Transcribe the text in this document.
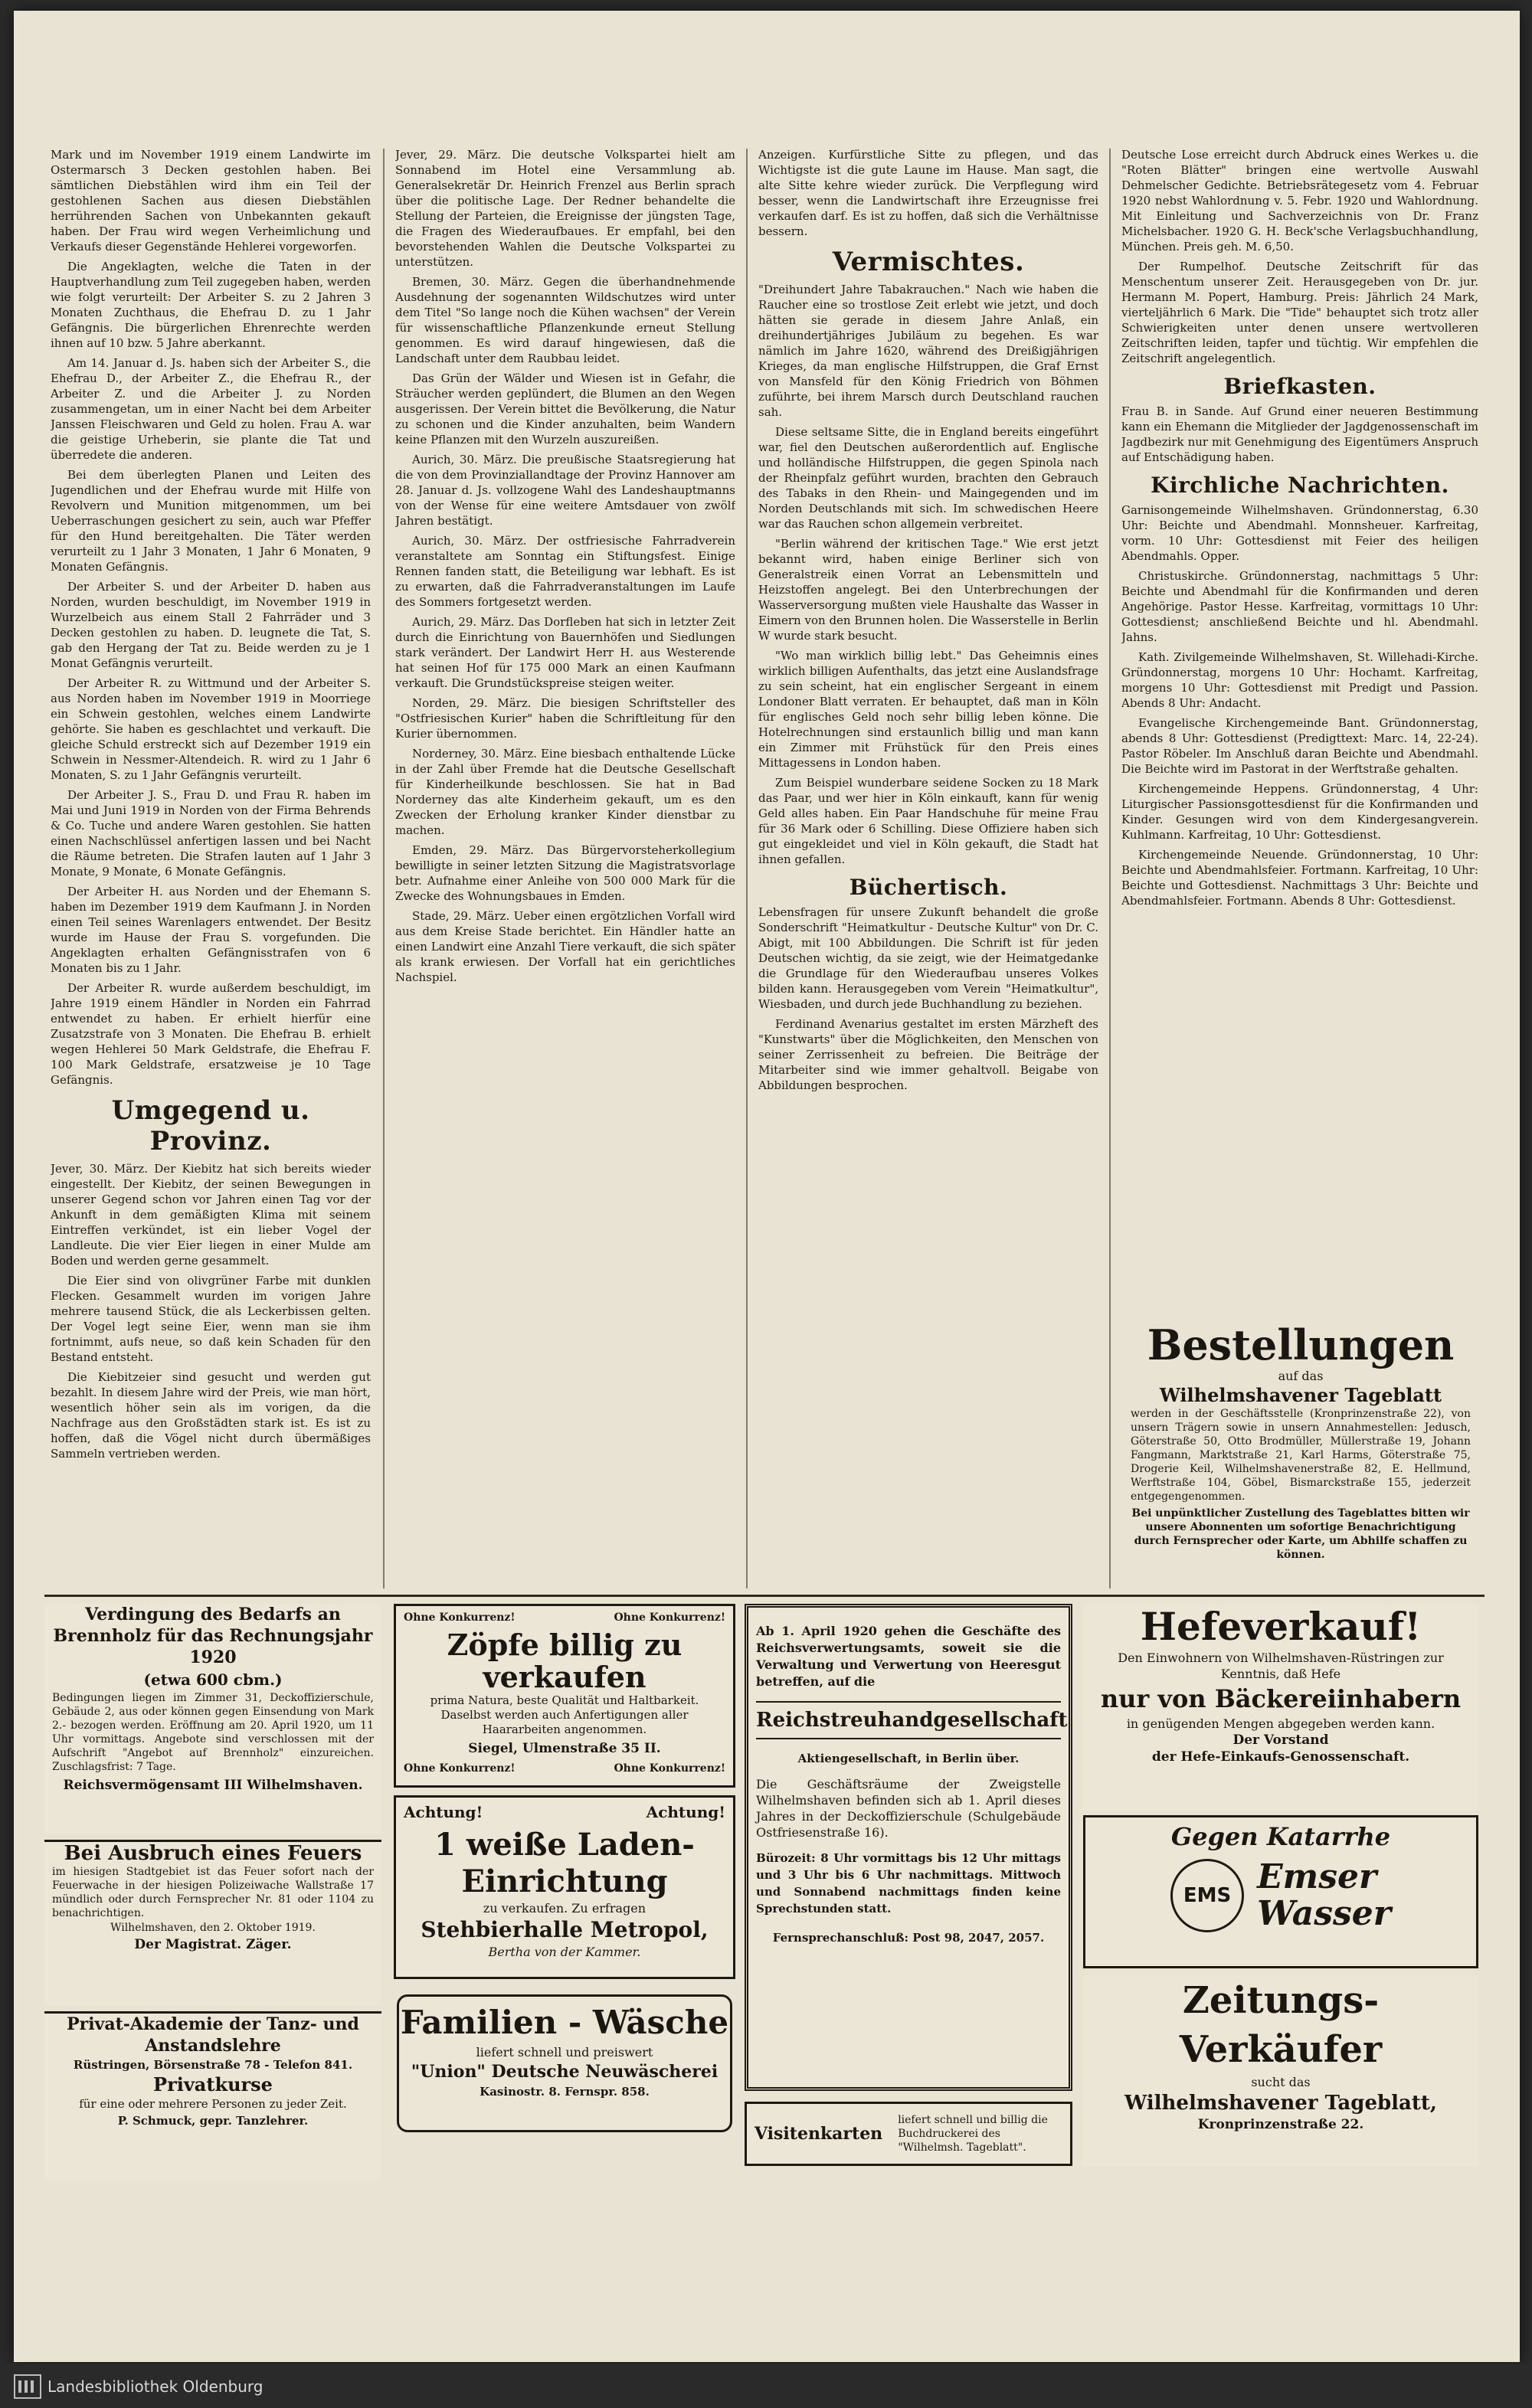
Mark und im November 1919 einem Landwirte im Ostermarsch 3 Decken gestohlen haben. Bei sämtlichen Diebstählen wird ihm ein Teil der gestohlenen Sachen aus diesen Diebstählen herrührenden Sachen von Unbekannten gekauft haben. Der Frau wird wegen Verheimlichung und Verkaufs dieser Gegenstände Hehlerei vorgeworfen.

Die Angeklagten, welche die Taten in der Hauptverhandlung zum Teil zugegeben haben, werden wie folgt verurteilt: Der Arbeiter S. zu 2 Jahren 3 Monaten Zuchthaus, die Ehefrau D. zu 1 Jahr Gefängnis. Die bürgerlichen Ehrenrechte werden ihnen auf 10 bzw. 5 Jahre aberkannt.

Am 14. Januar d. Js. haben sich der Arbeiter S., die Ehefrau D., der Arbeiter Z., die Ehefrau R., der Arbeiter Z. und die Arbeiter J. zu Norden zusammengetan, um in einer Nacht bei dem Arbeiter Janssen Fleischwaren und Geld zu holen. Frau A. war die geistige Urheberin, sie plante die Tat und überredete die anderen.

Bei dem überlegten Planen und Leiten des Jugendlichen und der Ehefrau wurde mit Hilfe von Revolvern und Munition mitgenommen, um bei Ueberraschungen gesichert zu sein, auch war Pfeffer für den Hund bereitgehalten. Die Täter werden verurteilt zu 1 Jahr 3 Monaten, 1 Jahr 6 Monaten, 9 Monaten Gefängnis.

Der Arbeiter S. und der Arbeiter D. haben aus Norden, wurden beschuldigt, im November 1919 in Wurzelbeich aus einem Stall 2 Fahrräder und 3 Decken gestohlen zu haben. D. leugnete die Tat, S. gab den Hergang der Tat zu. Beide werden zu je 1 Monat Gefängnis verurteilt.

Der Arbeiter R. zu Wittmund und der Arbeiter S. aus Norden haben im November 1919 in Moorriege ein Schwein gestohlen, welches einem Landwirte gehörte. Sie haben es geschlachtet und verkauft. Die gleiche Schuld erstreckt sich auf Dezember 1919 ein Schwein in Nessmer-Altendeich. R. wird zu 1 Jahr 6 Monaten, S. zu 1 Jahr Gefängnis verurteilt.

Der Arbeiter J. S., Frau D. und Frau R. haben im Mai und Juni 1919 in Norden von der Firma Behrends & Co. Tuche und andere Waren gestohlen. Sie hatten einen Nachschlüssel anfertigen lassen und bei Nacht die Räume betreten. Die Strafen lauten auf 1 Jahr 3 Monate, 9 Monate, 6 Monate Gefängnis.

Der Arbeiter H. aus Norden und der Ehemann S. haben im Dezember 1919 dem Kaufmann J. in Norden einen Teil seines Warenlagers entwendet. Der Besitz wurde im Hause der Frau S. vorgefunden. Die Angeklagten erhalten Gefängnisstrafen von 6 Monaten bis zu 1 Jahr.

Der Arbeiter R. wurde außerdem beschuldigt, im Jahre 1919 einem Händler in Norden ein Fahrrad entwendet zu haben. Er erhielt hierfür eine Zusatzstrafe von 3 Monaten. Die Ehefrau B. erhielt wegen Hehlerei 50 Mark Geldstrafe, die Ehefrau F. 100 Mark Geldstrafe, ersatzweise je 10 Tage Gefängnis.

Umgegend u. Provinz.

Jever, 30. März. Der Kiebitz hat sich bereits wieder eingestellt. Der Kiebitz, der seinen Bewegungen in unserer Gegend schon vor Jahren einen Tag vor der Ankunft in dem gemäßigten Klima mit seinem Eintreffen verkündet, ist ein lieber Vogel der Landleute. Die vier Eier liegen in einer Mulde am Boden und werden gerne gesammelt.

Die Eier sind von olivgrüner Farbe mit dunklen Flecken. Gesammelt wurden im vorigen Jahre mehrere tausend Stück, die als Leckerbissen gelten. Der Vogel legt seine Eier, wenn man sie ihm fortnimmt, aufs neue, so daß kein Schaden für den Bestand entsteht.

Die Kiebitzeier sind gesucht und werden gut bezahlt. In diesem Jahre wird der Preis, wie man hört, wesentlich höher sein als im vorigen, da die Nachfrage aus den Großstädten stark ist. Es ist zu hoffen, daß die Vögel nicht durch übermäßiges Sammeln vertrieben werden.

Jever, 29. März. Die deutsche Volkspartei hielt am Sonnabend im Hotel eine Versammlung ab. Generalsekretär Dr. Heinrich Frenzel aus Berlin sprach über die politische Lage. Der Redner behandelte die Stellung der Parteien, die Ereignisse der jüngsten Tage, die Fragen des Wiederaufbaues. Er empfahl, bei den bevorstehenden Wahlen die Deutsche Volkspartei zu unterstützen.

Bremen, 30. März. Gegen die überhandnehmende Ausdehnung der sogenannten Wildschutzes wird unter dem Titel "So lange noch die Kühen wachsen" der Verein für wissenschaftliche Pflanzenkunde erneut Stellung genommen. Es wird darauf hingewiesen, daß die Landschaft unter dem Raubbau leidet.

Das Grün der Wälder und Wiesen ist in Gefahr, die Sträucher werden geplündert, die Blumen an den Wegen ausgerissen. Der Verein bittet die Bevölkerung, die Natur zu schonen und die Kinder anzuhalten, beim Wandern keine Pflanzen mit den Wurzeln auszureißen.

Aurich, 30. März. Die preußische Staatsregierung hat die von dem Provinziallandtage der Provinz Hannover am 28. Januar d. Js. vollzogene Wahl des Landeshauptmanns von der Wense für eine weitere Amtsdauer von zwölf Jahren bestätigt.

Aurich, 30. März. Der ostfriesische Fahrradverein veranstaltete am Sonntag ein Stiftungsfest. Einige Rennen fanden statt, die Beteiligung war lebhaft. Es ist zu erwarten, daß die Fahrradveranstaltungen im Laufe des Sommers fortgesetzt werden.

Aurich, 29. März. Das Dorfleben hat sich in letzter Zeit durch die Einrichtung von Bauernhöfen und Siedlungen stark verändert. Der Landwirt Herr H. aus Westerende hat seinen Hof für 175 000 Mark an einen Kaufmann verkauft. Die Grundstückspreise steigen weiter.

Norden, 29. März. Die biesigen Schriftsteller des "Ostfriesischen Kurier" haben die Schriftleitung für den Kurier übernommen.

Norderney, 30. März. Eine biesbach enthaltende Lücke in der Zahl über Fremde hat die Deutsche Gesellschaft für Kinderheilkunde beschlossen. Sie hat in Bad Norderney das alte Kinderheim gekauft, um es den Zwecken der Erholung kranker Kinder dienstbar zu machen.

Emden, 29. März. Das Bürgervorsteherkollegium bewilligte in seiner letzten Sitzung die Magistratsvorlage betr. Aufnahme einer Anleihe von 500 000 Mark für die Zwecke des Wohnungsbaues in Emden.

Stade, 29. März. Ueber einen ergötzlichen Vorfall wird aus dem Kreise Stade berichtet. Ein Händler hatte an einen Landwirt eine Anzahl Tiere verkauft, die sich später als krank erwiesen. Der Vorfall hat ein gerichtliches Nachspiel.

Anzeigen. Kurfürstliche Sitte zu pflegen, und das Wichtigste ist die gute Laune im Hause. Man sagt, die alte Sitte kehre wieder zurück. Die Verpflegung wird besser, wenn die Landwirtschaft ihre Erzeugnisse frei verkaufen darf. Es ist zu hoffen, daß sich die Verhältnisse bessern.

Vermischtes.

"Dreihundert Jahre Tabakrauchen." Nach wie haben die Raucher eine so trostlose Zeit erlebt wie jetzt, und doch hätten sie gerade in diesem Jahre Anlaß, ein dreihundertjähriges Jubiläum zu begehen. Es war nämlich im Jahre 1620, während des Dreißigjährigen Krieges, da man englische Hilfstruppen, die Graf Ernst von Mansfeld für den König Friedrich von Böhmen zuführte, bei ihrem Marsch durch Deutschland rauchen sah.

Diese seltsame Sitte, die in England bereits eingeführt war, fiel den Deutschen außerordentlich auf. Englische und holländische Hilfstruppen, die gegen Spinola nach der Rheinpfalz geführt wurden, brachten den Gebrauch des Tabaks in den Rhein- und Maingegenden und im Norden Deutschlands mit sich. Im schwedischen Heere war das Rauchen schon allgemein verbreitet.

"Berlin während der kritischen Tage." Wie erst jetzt bekannt wird, haben einige Berliner sich von Generalstreik einen Vorrat an Lebensmitteln und Heizstoffen angelegt. Bei den Unterbrechungen der Wasserversorgung mußten viele Haushalte das Wasser in Eimern von den Brunnen holen. Die Wasserstelle in Berlin W wurde stark besucht.

"Wo man wirklich billig lebt." Das Geheimnis eines wirklich billigen Aufenthalts, das jetzt eine Auslandsfrage zu sein scheint, hat ein englischer Sergeant in einem Londoner Blatt verraten. Er behauptet, daß man in Köln für englisches Geld noch sehr billig leben könne. Die Hotelrechnungen sind erstaunlich billig und man kann ein Zimmer mit Frühstück für den Preis eines Mittagessens in London haben.

Zum Beispiel wunderbare seidene Socken zu 18 Mark das Paar, und wer hier in Köln einkauft, kann für wenig Geld alles haben. Ein Paar Handschuhe für meine Frau für 36 Mark oder 6 Schilling. Diese Offiziere haben sich gut eingekleidet und viel in Köln gekauft, die Stadt hat ihnen gefallen.

Büchertisch.

Lebensfragen für unsere Zukunft behandelt die große Sonderschrift "Heimatkultur - Deutsche Kultur" von Dr. C. Abigt, mit 100 Abbildungen. Die Schrift ist für jeden Deutschen wichtig, da sie zeigt, wie der Heimatgedanke die Grundlage für den Wiederaufbau unseres Volkes bilden kann. Herausgegeben vom Verein "Heimatkultur", Wiesbaden, und durch jede Buchhandlung zu beziehen.

Ferdinand Avenarius gestaltet im ersten Märzheft des "Kunstwarts" über die Möglichkeiten, den Menschen von seiner Zerrissenheit zu befreien. Die Beiträge der Mitarbeiter sind wie immer gehaltvoll. Beigabe von Abbildungen besprochen.

Deutsche Lose erreicht durch Abdruck eines Werkes u. die "Roten Blätter" bringen eine wertvolle Auswahl Dehmelscher Gedichte. Betriebsrätegesetz vom 4. Februar 1920 nebst Wahlordnung v. 5. Febr. 1920 und Wahlordnung. Mit Einleitung und Sachverzeichnis von Dr. Franz Michelsbacher. 1920 G. H. Beck'sche Verlagsbuchhandlung, München. Preis geh. M. 6,50.

Der Rumpelhof. Deutsche Zeitschrift für das Menschentum unserer Zeit. Herausgegeben von Dr. jur. Hermann M. Popert, Hamburg. Preis: Jährlich 24 Mark, vierteljährlich 6 Mark. Die "Tide" behauptet sich trotz aller Schwierigkeiten unter denen unsere wertvolleren Zeitschriften leiden, tapfer und tüchtig. Wir empfehlen die Zeitschrift angelegentlich.

Briefkasten.

Frau B. in Sande. Auf Grund einer neueren Bestimmung kann ein Ehemann die Mitglieder der Jagdgenossenschaft im Jagdbezirk nur mit Genehmigung des Eigentümers Anspruch auf Entschädigung haben.

Kirchliche Nachrichten.

Garnisongemeinde Wilhelmshaven. Gründonnerstag, 6.30 Uhr: Beichte und Abendmahl. Monnsheuer. Karfreitag, vorm. 10 Uhr: Gottesdienst mit Feier des heiligen Abendmahls. Opper.

Christuskirche. Gründonnerstag, nachmittags 5 Uhr: Beichte und Abendmahl für die Konfirmanden und deren Angehörige. Pastor Hesse. Karfreitag, vormittags 10 Uhr: Gottesdienst; anschließend Beichte und hl. Abendmahl. Jahns.

Kath. Zivilgemeinde Wilhelmshaven, St. Willehadi-Kirche. Gründonnerstag, morgens 10 Uhr: Hochamt. Karfreitag, morgens 10 Uhr: Gottesdienst mit Predigt und Passion. Abends 8 Uhr: Andacht.

Evangelische Kirchengemeinde Bant. Gründonnerstag, abends 8 Uhr: Gottesdienst (Predigttext: Marc. 14, 22-24). Pastor Röbeler. Im Anschluß daran Beichte und Abendmahl. Die Beichte wird im Pastorat in der Werftstraße gehalten.

Kirchengemeinde Heppens. Gründonnerstag, 4 Uhr: Liturgischer Passionsgottesdienst für die Konfirmanden und Kinder. Gesungen wird von dem Kindergesangverein. Kuhlmann. Karfreitag, 10 Uhr: Gottesdienst.

Kirchengemeinde Neuende. Gründonnerstag, 10 Uhr: Beichte und Abendmahlsfeier. Fortmann. Karfreitag, 10 Uhr: Beichte und Gottesdienst. Nachmittags 3 Uhr: Beichte und Abendmahlsfeier. Fortmann. Abends 8 Uhr: Gottesdienst.

Bestellungen
auf das
Wilhelmshavener Tageblatt
werden in der Geschäftsstelle (Kronprinzenstraße 22), von unsern Trägern sowie in unsern Annahmestellen: Jedusch, Göterstraße 50, Otto Brodmüller, Müllerstraße 19, Johann Fangmann, Marktstraße 21, Karl Harms, Göterstraße 75, Drogerie Keil, Wilhelmshavenerstraße 82, E. Hellmund, Werftstraße 104, Göbel, Bismarckstraße 155, jederzeit entgegengenommen.
Bei unpünktlicher Zustellung des Tageblattes bitten wir unsere Abonnenten um sofortige Benachrichtigung durch Fernsprecher oder Karte, um Abhilfe schaffen zu können.
Verdingung des Bedarfs an Brennholz für das Rechnungsjahr 1920
(etwa 600 cbm.)
Bedingungen liegen im Zimmer 31, Deckoffizierschule, Gebäude 2, aus oder können gegen Einsendung von Mark 2.- bezogen werden. Eröffnung am 20. April 1920, um 11 Uhr vormittags. Angebote sind verschlossen mit der Aufschrift "Angebot auf Brennholz" einzureichen. Zuschlagsfrist: 7 Tage.
Reichsvermögensamt III Wilhelmshaven.
Bei Ausbruch eines Feuers
im hiesigen Stadtgebiet ist das Feuer sofort nach der Feuerwache in der hiesigen Polizeiwache Wallstraße 17 mündlich oder durch Fernsprecher Nr. 81 oder 1104 zu benachrichtigen.
Wilhelmshaven, den 2. Oktober 1919.
Der Magistrat. Zäger.
Privat-Akademie der Tanz- und Anstandslehre
Rüstringen, Börsenstraße 78 - Telefon 841.
Privatkurse
für eine oder mehrere Personen zu jeder Zeit.
P. Schmuck, gepr. Tanzlehrer.
Ohne Konkurrenz!	Ohne Konkurrenz!
Zöpfe billig zu verkaufen
prima Natura, beste Qualität und Haltbarkeit. Daselbst werden auch Anfertigungen aller Haararbeiten angenommen.
Siegel, Ulmenstraße 35 II.
Ohne Konkurrenz!	Ohne Konkurrenz!
Achtung!	Achtung!
1 weiße Laden-Einrichtung
zu verkaufen. Zu erfragen
Stehbierhalle Metropol,
Bertha von der Kammer.
Familien - Wäsche
liefert schnell und preiswert
"Union" Deutsche Neuwäscherei
Kasinostr. 8. Fernspr. 858.
Ab 1. April 1920 gehen die Geschäfte des Reichsverwertungsamts, soweit sie die Verwaltung und Verwertung von Heeresgut betreffen, auf die
Reichstreuhandgesellschaft
Aktiengesellschaft, in Berlin über.
Die Geschäftsräume der Zweigstelle Wilhelmshaven befinden sich ab 1. April dieses Jahres in der Deckoffizierschule (Schulgebäude Ostfriesenstraße 16).
Bürozeit: 8 Uhr vormittags bis 12 Uhr mittags und 3 Uhr bis 6 Uhr nachmittags. Mittwoch und Sonnabend nachmittags finden keine Sprechstunden statt.
Fernsprechanschluß: Post 98, 2047, 2057.
Visitenkarten
liefert schnell und billig die Buchdruckerei des "Wilhelmsh. Tageblatt".
Hefeverkauf!
Den Einwohnern von Wilhelmshaven-Rüstringen zur Kenntnis, daß Hefe
nur von Bäckereiinhabern
in genügenden Mengen abgegeben werden kann.
Der Vorstand
der Hefe-Einkaufs-Genossenschaft.
Gegen Katarrhe
EMS Emser
Wasser
Zeitungs-Verkäufer
sucht das
Wilhelmshavener Tageblatt,
Kronprinzenstraße 22.
Landesbibliothek Oldenburg
